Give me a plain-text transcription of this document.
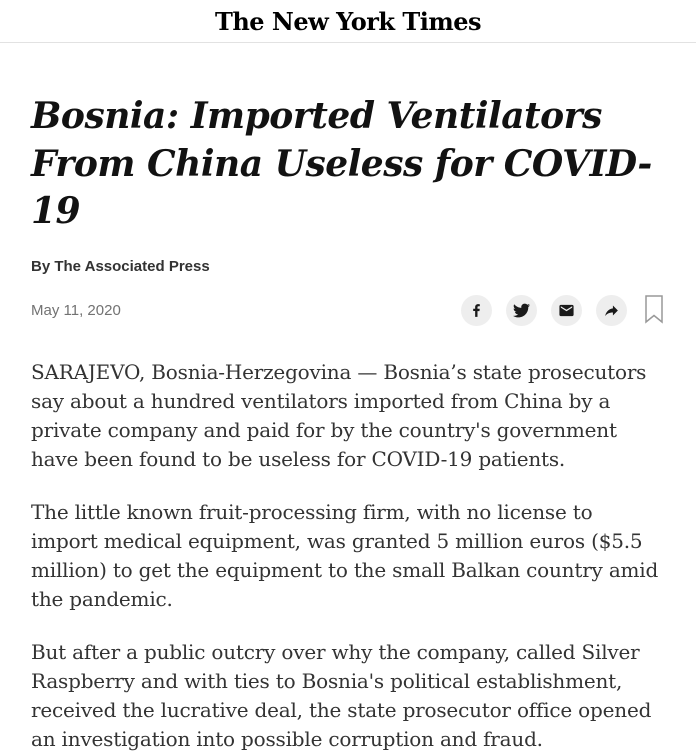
The New York Times
Bosnia: Imported Ventilators From China Useless for COVID-19
By The Associated Press
May 11, 2020

SARAJEVO, Bosnia-Herzegovina — Bosnia’s state prosecutors say about a hundred ventilators imported from China by a private company and paid for by the country's government have been found to be useless for COVID-19 patients.

The little known fruit-processing firm, with no license to import medical equipment, was granted 5 million euros ($5.5 million) to get the equipment to the small Balkan country amid the pandemic.

But after a public outcry over why the company, called Silver Raspberry and with ties to Bosnia's political establishment, received the lucrative deal, the state prosecutor office opened an investigation into possible corruption and fraud.
